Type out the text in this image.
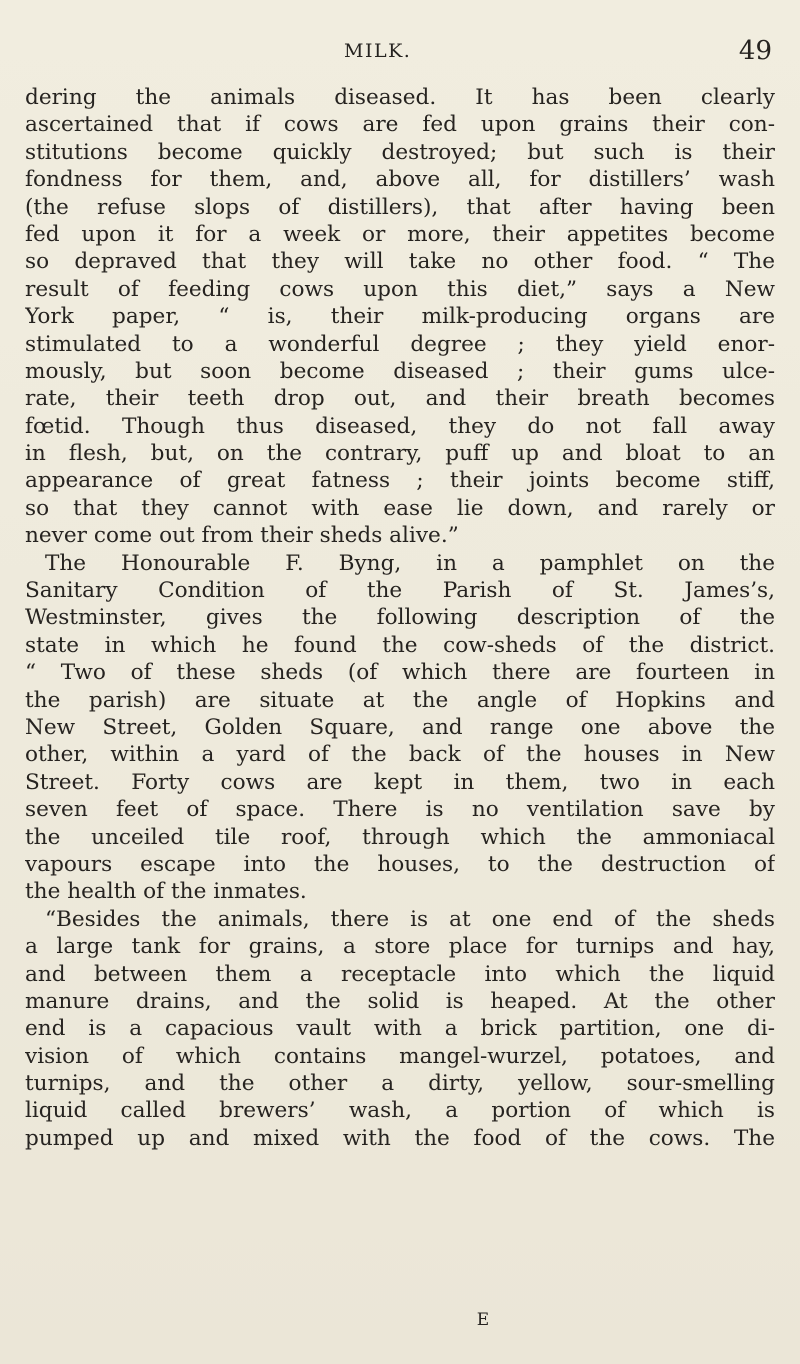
MILK.	49
dering the animals diseased. It has been clearly
ascertained that if cows are fed upon grains their con-
stitutions become quickly destroyed; but such is their
fondness for them, and, above all, for distillers’ wash
(the refuse slops of distillers), that after having been
fed upon it for a week or more, their appetites become
so depraved that they will take no other food. “ The
result of feeding cows upon this diet,” says a New
York paper, “ is, their milk-producing organs are
stimulated to a wonderful degree ; they yield enor-
mously, but soon become diseased ; their gums ulce-
rate, their teeth drop out, and their breath becomes
fœtid. Though thus diseased, they do not fall away
in flesh, but, on the contrary, puff up and bloat to an
appearance of great fatness ; their joints become stiff,
so that they cannot with ease lie down, and rarely or
never come out from their sheds alive.”
The Honourable F. Byng, in a pamphlet on the
Sanitary Condition of the Parish of St. James’s,
Westminster, gives the following description of the
state in which he found the cow-sheds of the district.
“ Two of these sheds (of which there are fourteen in
the parish) are situate at the angle of Hopkins and
New Street, Golden Square, and range one above the
other, within a yard of the back of the houses in New
Street. Forty cows are kept in them, two in each
seven feet of space. There is no ventilation save by
the unceiled tile roof, through which the ammoniacal
vapours escape into the houses, to the destruction of
the health of the inmates.
“Besides the animals, there is at one end of the sheds
a large tank for grains, a store place for turnips and hay,
and between them a receptacle into which the liquid
manure drains, and the solid is heaped. At the other
end is a capacious vault with a brick partition, one di-
vision of which contains mangel-wurzel, potatoes, and
turnips, and the other a dirty, yellow, sour-smelling
liquid called brewers’ wash, a portion of which is
pumped up and mixed with the food of the cows. The
E
